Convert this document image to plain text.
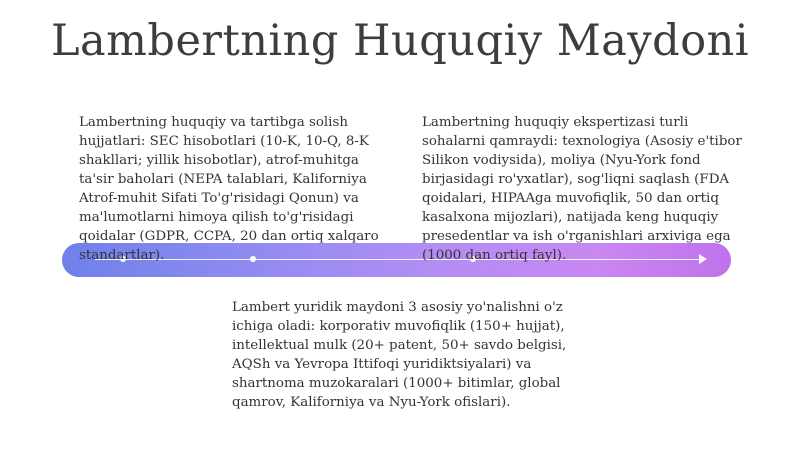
Lambertning Huquqiy Maydoni
Lambertning huquqiy va tartibga solish hujjatlari: SEC hisobotlari (10-K, 10-Q, 8-K shakllari; yillik hisobotlar), atrof-muhitga ta'sir baholari (NEPA talablari, Kaliforniya Atrof-muhit Sifati To'g'risidagi Qonun) va ma'lumotlarni himoya qilish to'g'risidagi qoidalar (GDPR, CCPA, 20 dan ortiq xalqaro standartlar).
Lambertning huquqiy ekspertizasi turli sohalarni qamraydi: texnologiya (Asosiy e'tibor Silikon vodiysida), moliya (Nyu-York fond birjasidagi ro'yxatlar), sog'liqni saqlash (FDA qoidalari, HIPAAga muvofiqlik, 50 dan ortiq kasalxona mijozlari), natijada keng huquqiy presedentlar va ish o'rganishlari arxiviga ega (1000 dan ortiq fayl).
Lambert yuridik maydoni 3 asosiy yo'nalishni o'z ichiga oladi: korporativ muvofiqlik (150+ hujjat), intellektual mulk (20+ patent, 50+ savdo belgisi, AQSh va Yevropa Ittifoqi yuridiktsiyalari) va shartnoma muzokaralari (1000+ bitimlar, global qamrov, Kaliforniya va Nyu-York ofislari).
